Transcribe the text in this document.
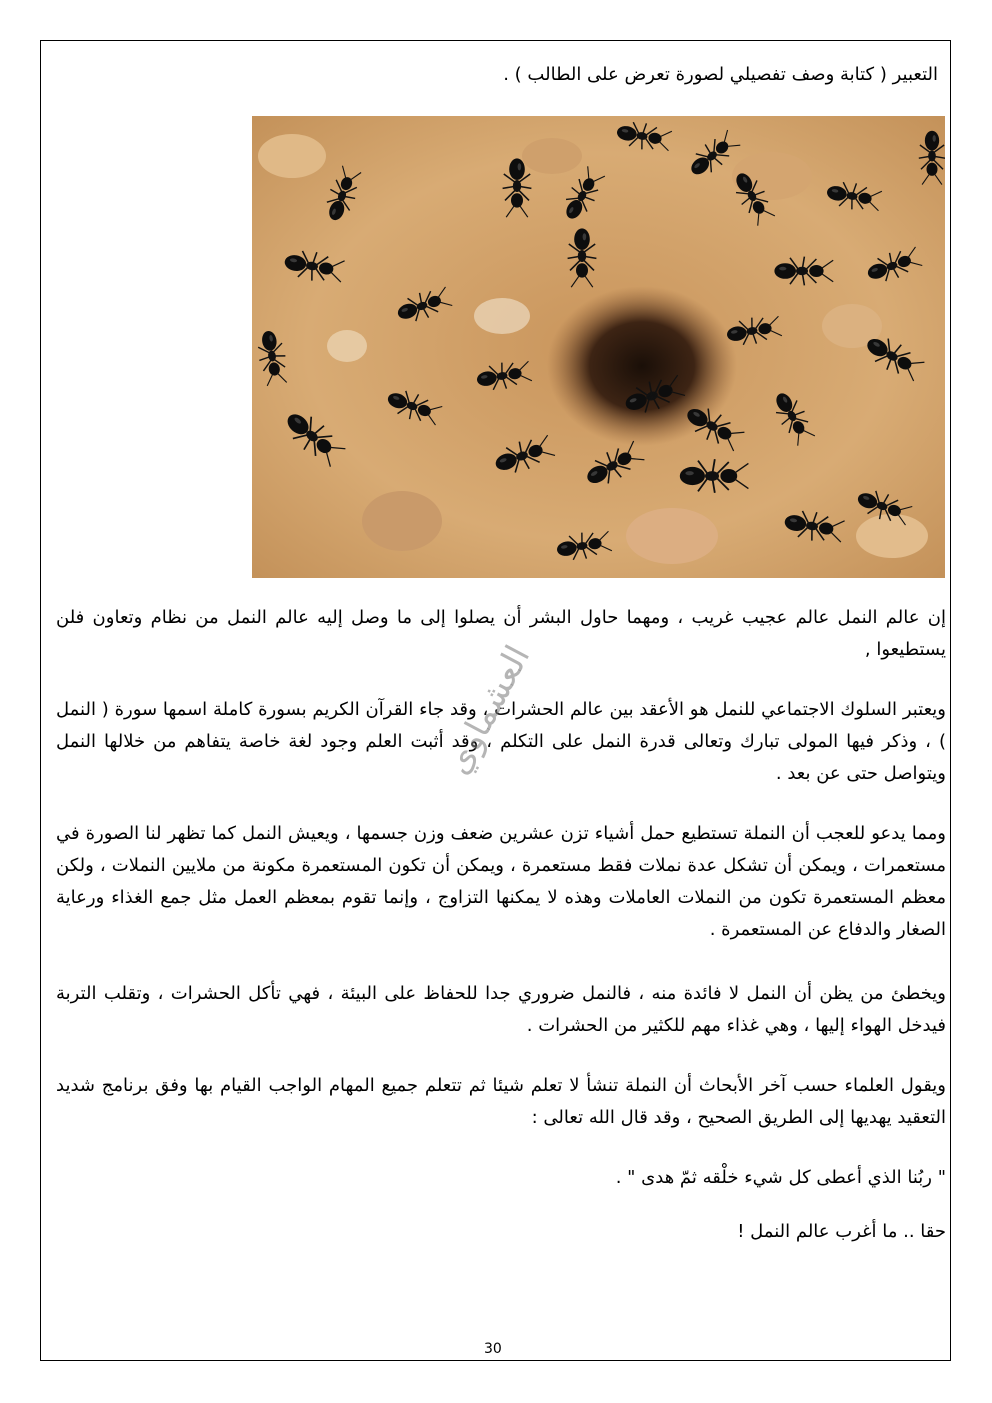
التعبير ( كتابة وصف تفصيلي لصورة تعرض على الطالب ) .

إن عالم النمل عالم عجيب غريب ، ومهما حاول البشر أن يصلوا إلى ما وصل إليه عالم النمل من نظام وتعاون فلن يستطيعوا ,

ويعتبر السلوك الاجتماعي للنمل هو الأعقد بين عالم الحشرات ، وقد جاء القرآن الكريم بسورة كاملة اسمها سورة ( النمل ) ، وذكر فيها المولى تبارك وتعالى قدرة النمل على التكلم ، وقد أثبت العلم وجود لغة خاصة يتفاهم من خلالها النمل ويتواصل حتى عن بعد .

ومما يدعو للعجب أن النملة تستطيع حمل أشياء تزن عشرين ضعف وزن جسمها ، ويعيش النمل كما تظهر لنا الصورة في مستعمرات ، ويمكن أن تشكل عدة نملات فقط مستعمرة ، ويمكن أن تكون المستعمرة مكونة من ملايين النملات ، ولكن معظم المستعمرة تكون من النملات العاملات وهذه لا يمكنها التزاوج ، وإنما تقوم بمعظم العمل مثل جمع الغذاء ورعاية الصغار والدفاع عن المستعمرة .

ويخطئ من يظن أن النمل لا فائدة منه ، فالنمل ضروري جدا للحفاظ على البيئة ، فهي تأكل الحشرات ، وتقلب التربة فيدخل الهواء إليها ، وهي غذاء مهم للكثير من الحشرات .

ويقول العلماء حسب آخر الأبحاث أن النملة تنشأ لا تعلم شيئا ثم تتعلم جميع المهام الواجب القيام بها وفق برنامج شديد التعقيد يهديها إلى الطريق الصحيح ، وقد قال الله تعالى :

" ربُنا الذي أعطى كل شيء خلْقه ثمّ هدى " .

حقا .. ما أغرب عالم النمل !

العشماوي
30
